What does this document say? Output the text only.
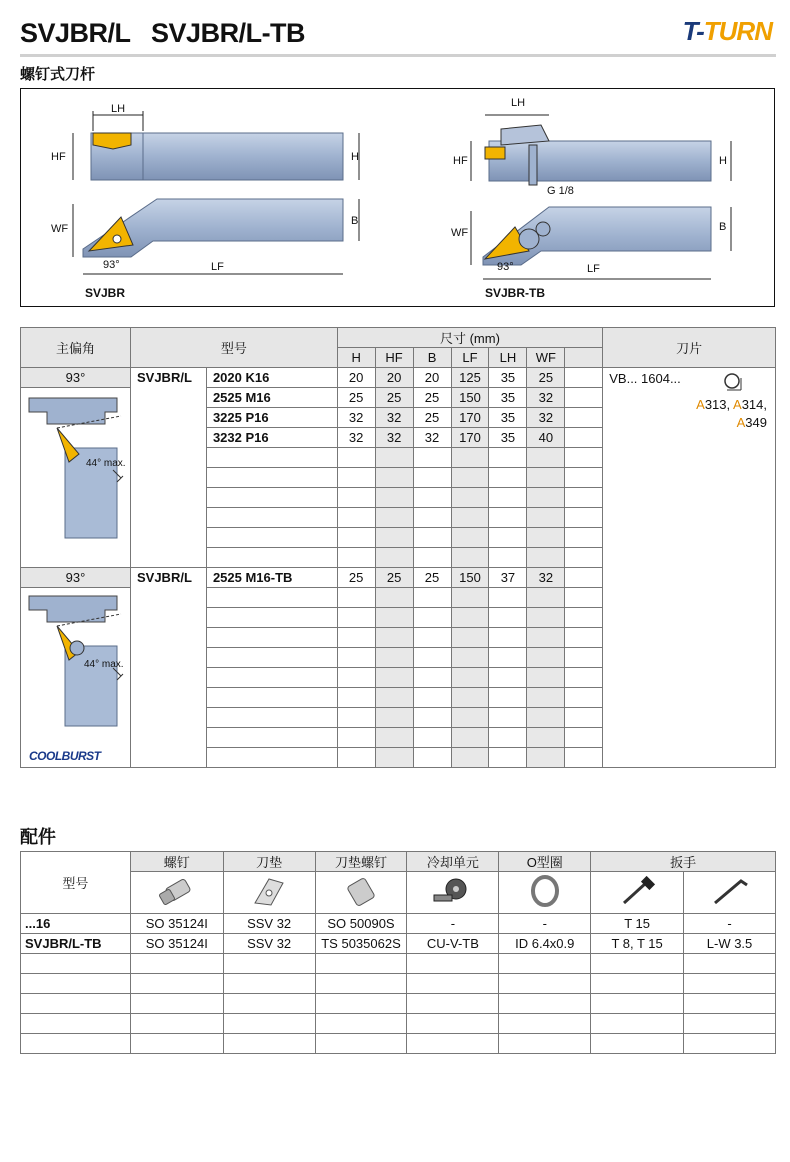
SVJBR/L   SVJBR/L-TB	T-TURN
螺钉式刀杆
LH
HF	H
WF
B
93°	LF
SVJBR
LH
HF	H
G 1/8
WF	B
93°	LF
SVJBR-TB
主偏角	型号		尺寸 (mm)							刀片
			H	HF	B	LF	LH	WF		
93°	SVJBR/L	2020 K16	20	20	20	125	35	25		VB... 1604...
A313, A314,
A349

	2525 M16	25	25	25	150	35	32		
		3225 P16	32	32	25	170	35	32		
		3232 P16	32	32	32	170	35	40		

93°	SVJBR/L	2525 M16-TB	25	25	25	150	37	32		

COOLBURST										

44° max.
44° max.
配件
型号	螺钉	刀垫	刀垫螺钉	冷却单元	O型圈	扳手	

...16	SO 35124I	SSV 32	SO 50090S	-	-	T 15	-
SVJBR/L-TB	SO 35124I	SSV 32	TS 5035062S	CU-V-TB	ID 6.4x0.9	T 8, T 15	L-W 3.5
